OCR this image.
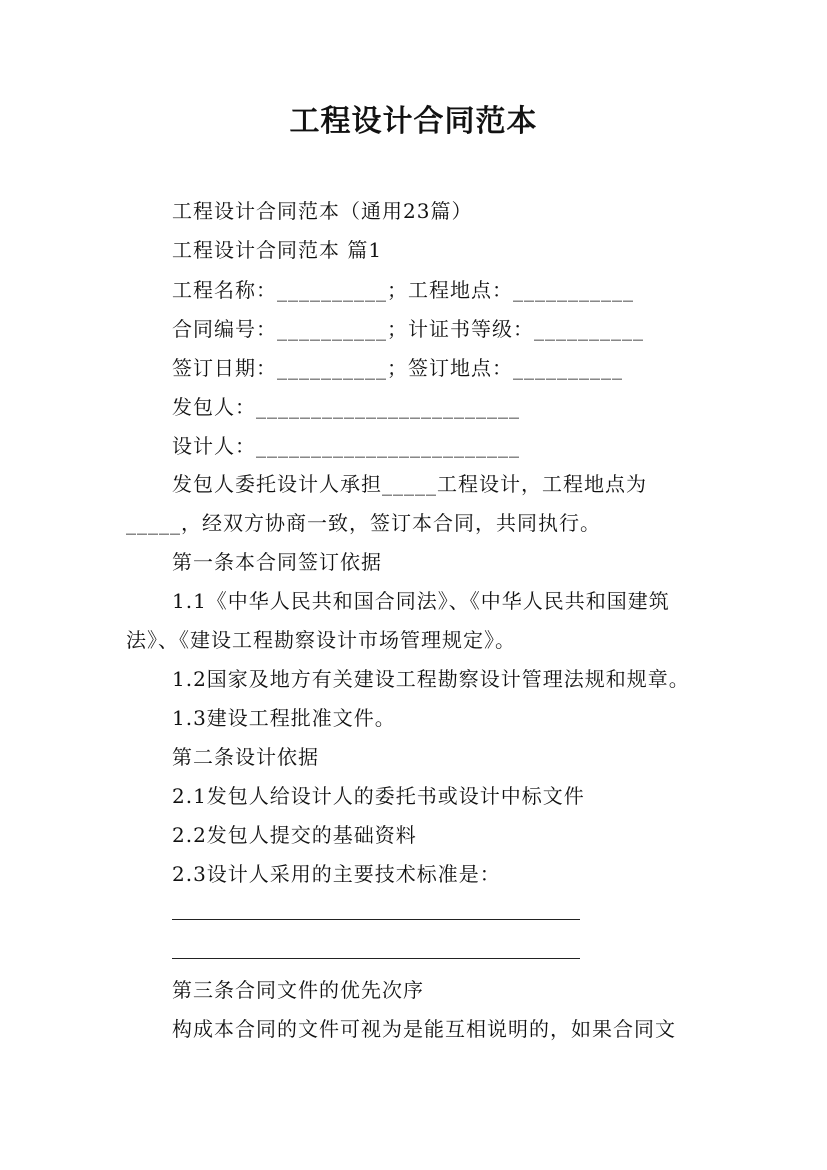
工程设计合同范本
工程设计合同范本（通用23篇）
工程设计合同范本 篇1
工程名称：__________；工程地点：___________
合同编号：__________；计证书等级：__________
签订日期：__________；签订地点：__________
发包人：________________________
设计人：________________________
发包人委托设计人承担_____工程设计，工程地点为
_____，经双方协商一致，签订本合同，共同执行。
第一条本合同签订依据
1.1《中华人民共和国合同法》、《中华人民共和国建筑
法》、《建设工程勘察设计市场管理规定》。
1.2国家及地方有关建设工程勘察设计管理法规和规章。
1.3建设工程批准文件。
第二条设计依据
2.1发包人给设计人的委托书或设计中标文件
2.2发包人提交的基础资料
2.3设计人采用的主要技术标准是：
第三条合同文件的优先次序
构成本合同的文件可视为是能互相说明的，如果合同文
